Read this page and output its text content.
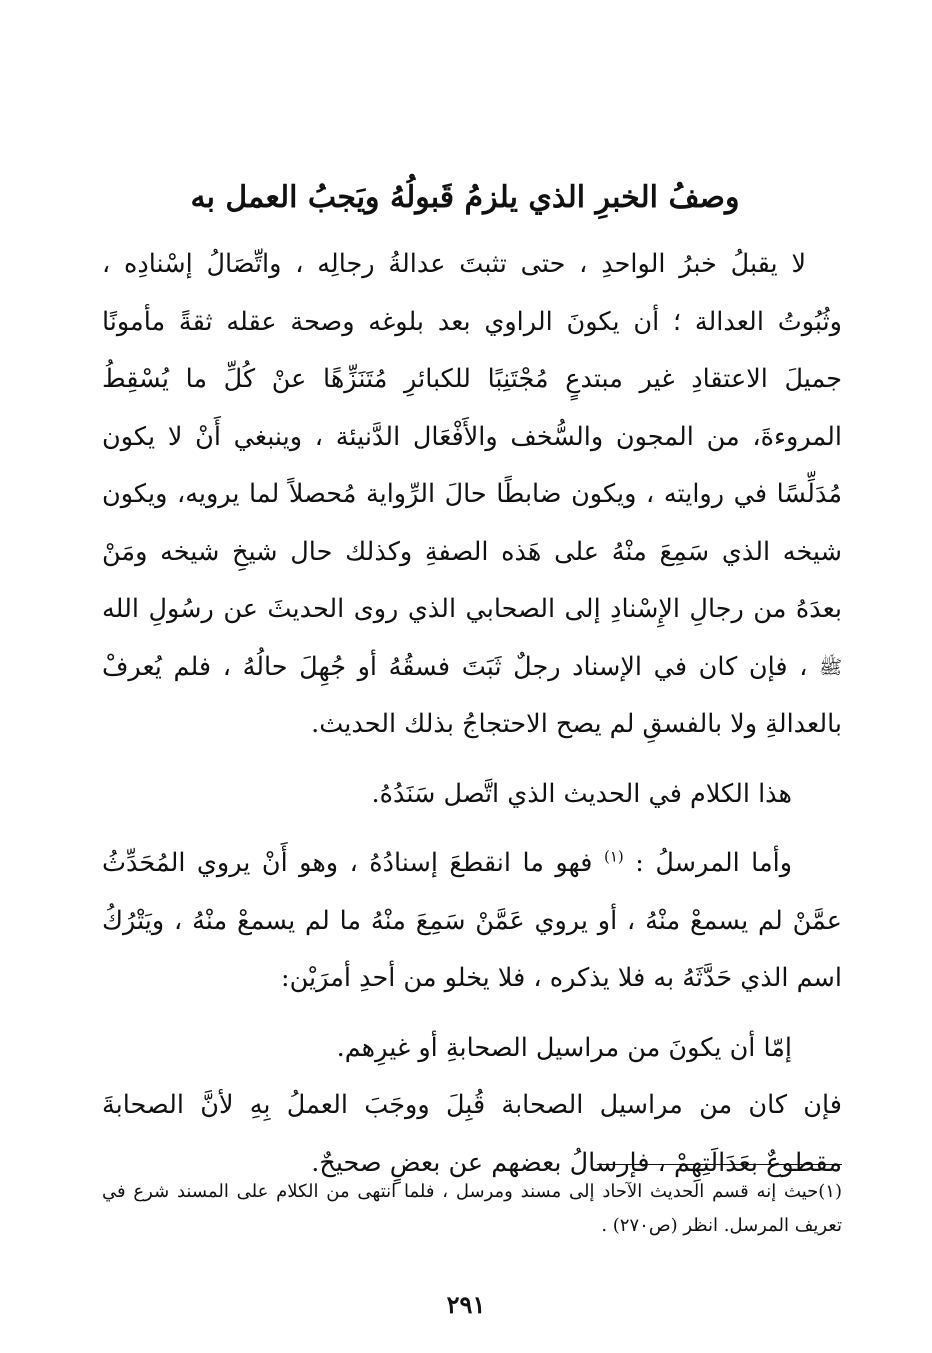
وصفُ الخبرِ الذي يلزمُ قَبولُهُ ويَجبُ العمل به

لا يقبلُ خبرُ الواحدِ ، حتى تثبتَ عدالةُ رجالِه ، واتِّصَالُ إسْنادِه ، وثُبُوتُ العدالة ؛ أن يكونَ الراوي بعد بلوغه وصحة عقله ثقةً مأمونًا جميلَ الاعتقادِ غير مبتدعٍ مُجْتَنِبًا للكبائرِ مُتَنَزِّهًا عنْ كُلِّ ما يُسْقِطُ المروءةَ، من المجون والسُّخف والأَفْعَال الدَّنيئة ، وينبغي أَنْ لا يكون مُدَلِّسًا في روايته ، ويكون ضابطًا حالَ الرِّواية مُحصلاً لما يرويه، ويكون شيخه الذي سَمِعَ منْهُ على هَذه الصفةِ وكذلك حال شيخِ شيخه ومَنْ بعدَهُ من رجالِ الإِسْنادِ إلى الصحابي الذي روى الحديثَ عن رسُولِ الله ﷺ ، فإن كان في الإسناد رجلٌ ثَبَتَ فسقُهُ أو جُهِلَ حالُهُ ، فلم يُعرفْ بالعدالةِ ولا بالفسقِ لم يصح الاحتجاجُ بذلك الحديث.

هذا الكلام في الحديث الذي اتَّصل سَنَدُهُ.

وأما المرسلُ : $^{(١)}$ فهو ما انقطعَ إسنادُهُ ، وهو أَنْ يروي المُحَدِّثُ عمَّنْ لم يسمعْ منْهُ ، أو يروي عَمَّنْ سَمِعَ منْهُ ما لم يسمعْ منْهُ ، ويَتْرُكُ اسم الذي حَدَّثَهُ به فلا يذكره ، فلا يخلو من أحدِ أمرَيْن:

إمّا أن يكونَ من مراسيل الصحابةِ أو غيرِهم.

فإن كان من مراسيل الصحابة قُبِلَ ووجَبَ العملُ بِهِ لأنَّ الصحابةَ مقطوعٌ بعَدَالَتِهِمْ ، فإرسالُ بعضهم عن بعضٍ صحيحٌ.

(١)حيث إنه قسم الحديث الآحاد إلى مسند ومرسل ، فلما انتهى من الكلام على المسند شرع في تعريف المرسل. انظر (ص٢٧٠) .

٢٩١
